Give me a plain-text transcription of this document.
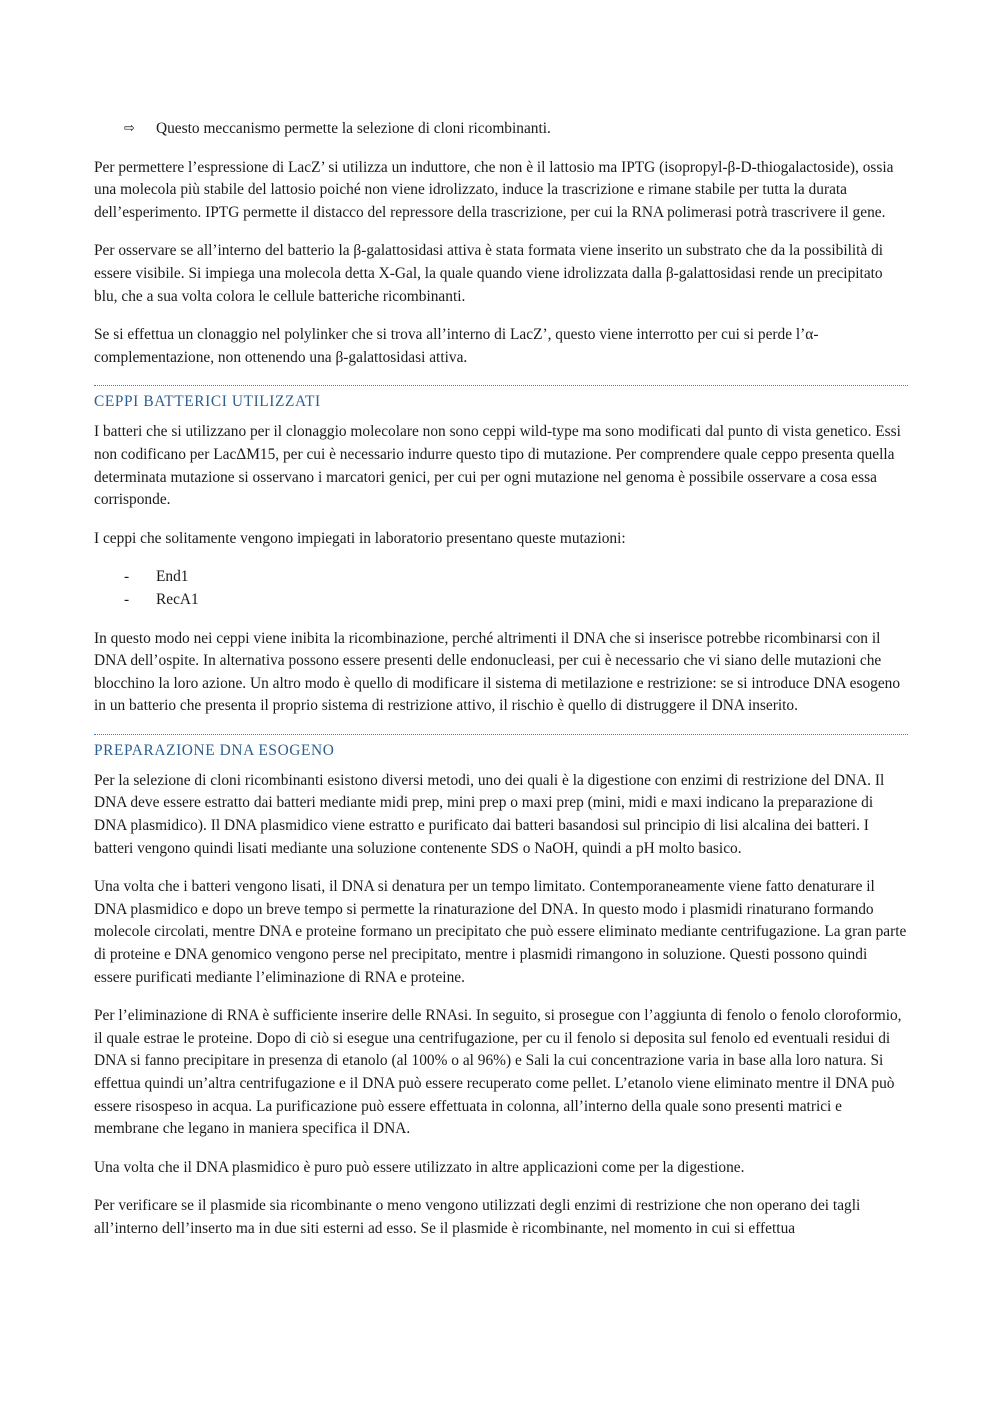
⇨	Questo meccanismo permette la selezione di cloni ricombinanti.

Per permettere l’espressione di LacZ’ si utilizza un induttore, che non è il lattosio ma IPTG (isopropyl-β-D-thiogalactoside), ossia una molecola più stabile del lattosio poiché non viene idrolizzato, induce la trascrizione e rimane stabile per tutta la durata dell’esperimento. IPTG permette il distacco del repressore della trascrizione, per cui la RNA polimerasi potrà trascrivere il gene.

Per osservare se all’interno del batterio la β-galattosidasi attiva è stata formata viene inserito un substrato che da la possibilità di essere visibile. Si impiega una molecola detta X-Gal, la quale quando viene idrolizzata dalla β-galattosidasi rende un precipitato blu, che a sua volta colora le cellule batteriche ricombinanti.

Se si effettua un clonaggio nel polylinker che si trova all’interno di LacZ’, questo viene interrotto per cui si perde l’α-complementazione, non ottenendo una β-galattosidasi attiva.

CEPPI BATTERICI UTILIZZATI

I batteri che si utilizzano per il clonaggio molecolare non sono ceppi wild-type ma sono modificati dal punto di vista genetico. Essi non codificano per LacΔM15, per cui è necessario indurre questo tipo di mutazione. Per comprendere quale ceppo presenta quella determinata mutazione si osservano i marcatori genici, per cui per ogni mutazione nel genoma è possibile osservare a cosa essa corrisponde.

I ceppi che solitamente vengono impiegati in laboratorio presentano queste mutazioni:

-	End1
-	RecA1

In questo modo nei ceppi viene inibita la ricombinazione, perché altrimenti il DNA che si inserisce potrebbe ricombinarsi con il DNA dell’ospite. In alternativa possono essere presenti delle endonucleasi, per cui è necessario che vi siano delle mutazioni che blocchino la loro azione. Un altro modo è quello di modificare il sistema di metilazione e restrizione: se si introduce DNA esogeno in un batterio che presenta il proprio sistema di restrizione attivo, il rischio è quello di distruggere il DNA inserito.

PREPARAZIONE DNA ESOGENO

Per la selezione di cloni ricombinanti esistono diversi metodi, uno dei quali è la digestione con enzimi di restrizione del DNA. Il DNA deve essere estratto dai batteri mediante midi prep, mini prep o maxi prep (mini, midi e maxi indicano la preparazione di DNA plasmidico). Il DNA plasmidico viene estratto e purificato dai batteri basandosi sul principio di lisi alcalina dei batteri. I batteri vengono quindi lisati mediante una soluzione contenente SDS o NaOH, quindi a pH molto basico.

Una volta che i batteri vengono lisati, il DNA si denatura per un tempo limitato. Contemporaneamente viene fatto denaturare il DNA plasmidico e dopo un breve tempo si permette la rinaturazione del DNA. In questo modo i plasmidi rinaturano formando molecole circolati, mentre DNA e proteine formano un precipitato che può essere eliminato mediante centrifugazione. La gran parte di proteine e DNA genomico vengono perse nel precipitato, mentre i plasmidi rimangono in soluzione. Questi possono quindi essere purificati mediante l’eliminazione di RNA e proteine.

Per l’eliminazione di RNA è sufficiente inserire delle RNAsi. In seguito, si prosegue con l’aggiunta di fenolo o fenolo cloroformio, il quale estrae le proteine. Dopo di ciò si esegue una centrifugazione, per cu il fenolo si deposita sul fenolo ed eventuali residui di DNA si fanno precipitare in presenza di etanolo (al 100% o al 96%) e Sali la cui concentrazione varia in base alla loro natura. Si effettua quindi un’altra centrifugazione e il DNA può essere recuperato come pellet. L’etanolo viene eliminato mentre il DNA può essere risospeso in acqua. La purificazione può essere effettuata in colonna, all’interno della quale sono presenti matrici e membrane che legano in maniera specifica il DNA.

Una volta che il DNA plasmidico è puro può essere utilizzato in altre applicazioni come per la digestione.

Per verificare se il plasmide sia ricombinante o meno vengono utilizzati degli enzimi di restrizione che non operano dei tagli all’interno dell’inserto ma in due siti esterni ad esso. Se il plasmide è ricombinante, nel momento in cui si effettua
